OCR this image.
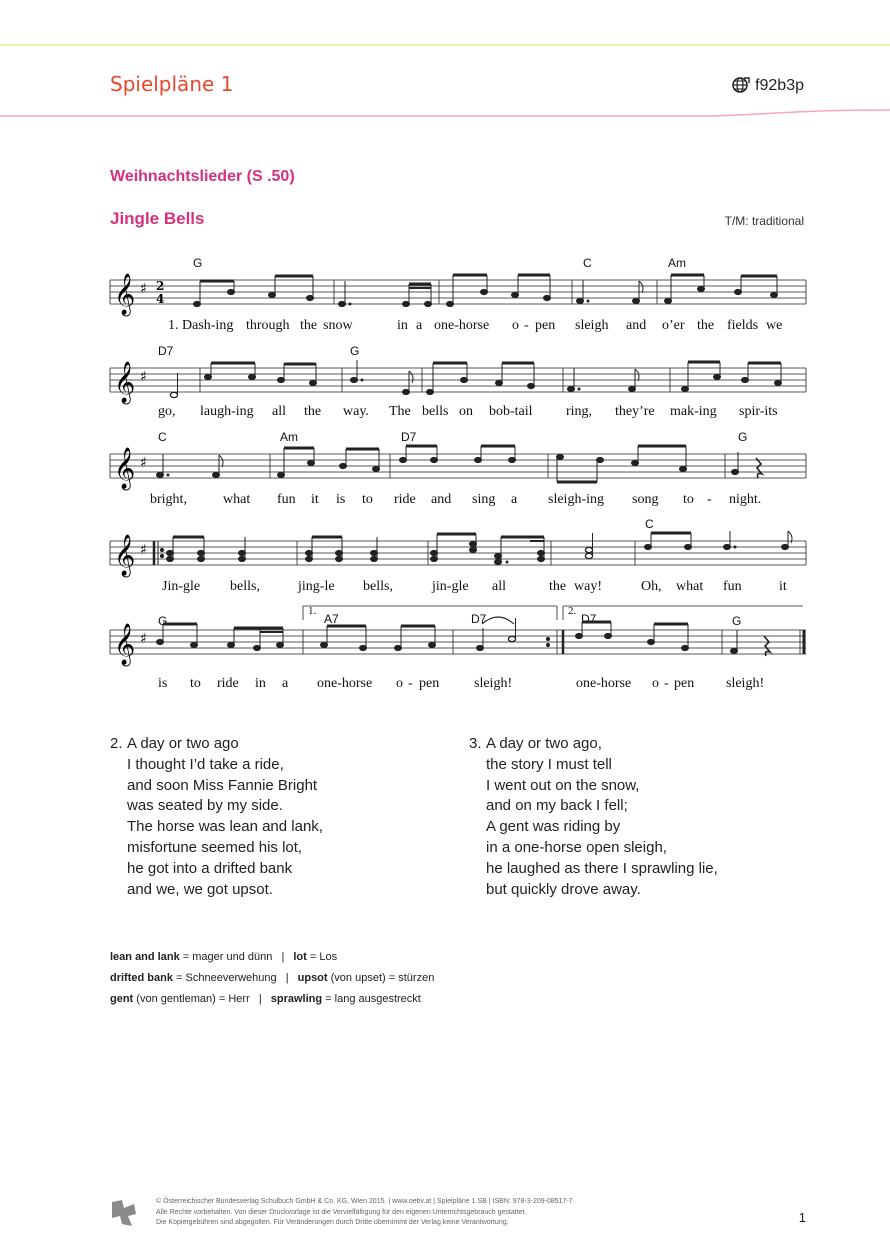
Spielpläne 1	f92b3p
Weihnachtslieder (S .50)
Jingle Bells	T/M: traditional
G	C	Am
𝄞 ♯ 2
4
1. Dash-ing through the snow	in a one-horse o - pen sleigh and o’er the fields we
D7	G
𝄞 ♯
go, laugh-ing all the way. The bells on bob-tail ring, they’re mak-ing spir-its
C	Am	D7	G
𝄞 ♯
bright,	what fun it is to ride and sing a sleigh-ing song to - night.
C
𝄞 ♯
Jin-gle bells,	jing-le bells,	jin-gle all	the way!	Oh, what fun	it
G	A7	D7	D7	G
1.	2.
𝄞 ♯
is to ride in a one-horse o - pen sleigh!	one-horse o - pen sleigh!
2. A day or two ago
I thought I’d take a ride,
and soon Miss Fannie Bright
was seated by my side.
The horse was lean and lank,
misfortune seemed his lot,
he got into a drifted bank
and we, we got upsot.
3. A day or two ago,
the story I must tell
I went out on the snow,
and on my back I fell;
A gent was riding by
in a one-horse open sleigh,
he laughed as there I sprawling lie,
but quickly drove away.
lean and lank = mager und dünn | lot = Los
drifted bank = Schneeverwehung | upsot (von upset) = stürzen
gent (von gentleman) = Herr | sprawling = lang ausgestreckt
© Österreichischer Bundesverlag Schulbuch GmbH & Co. KG, Wien 2015. | www.oebv.at | Spielpläne 1 SB | ISBN: 978-3-209-08517-7
Alle Rechte vorbehalten. Von dieser Druckvorlage ist die Vervielfältigung für den eigenen Unterrichtsgebrauch gestattet.
Die Kopiergebühren sind abgegolten. Für Veränderungen durch Dritte übernimmt der Verlag keine Verantwortung.	1
